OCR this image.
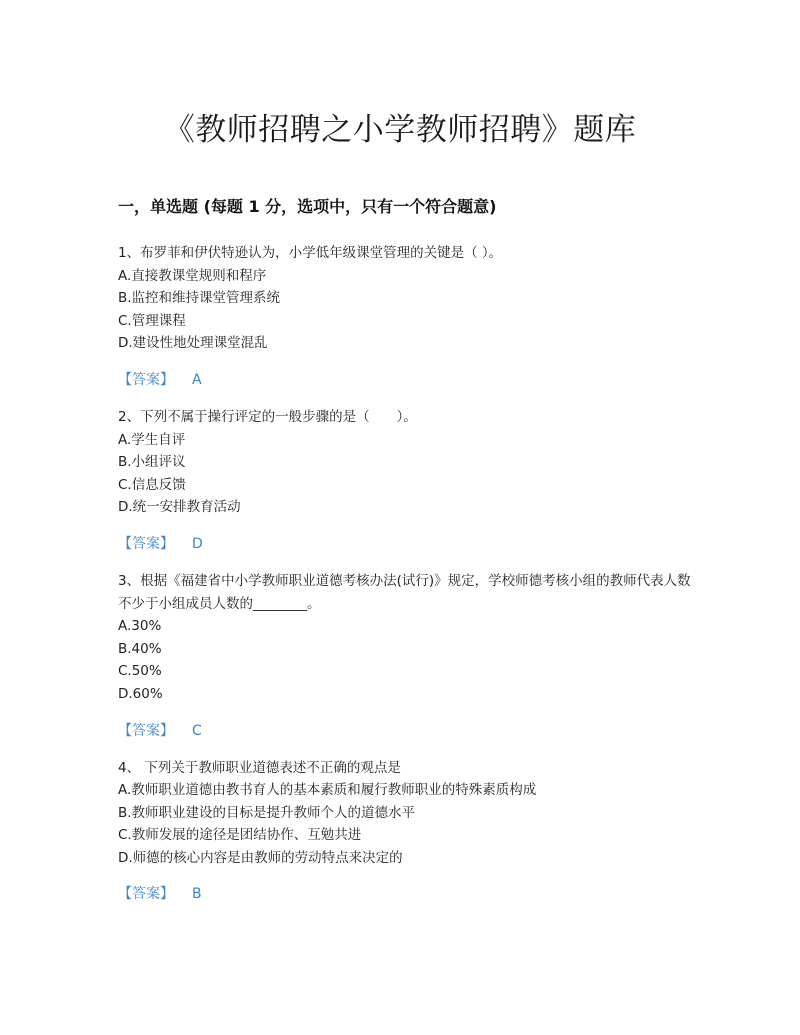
《教师招聘之小学教师招聘》题库
一，单选题 (每题 1 分，选项中，只有一个符合题意)
1、布罗菲和伊伏特逊认为，小学低年级课堂管理的关键是（ ）。
A.直接教课堂规则和程序
B.监控和维持课堂管理系统
C.管理课程
D.建设性地处理课堂混乱
【答案】 A
2、下列不属于操行评定的一般步骤的是（　　）。
A.学生自评
B.小组评议
C.信息反馈
D.统一安排教育活动
【答案】 D
3、根据《福建省中小学教师职业道德考核办法(试行)》规定，学校师德考核小组的教师代表人数不少于小组成员人数的________。
A.30%
B.40%
C.50%
D.60%
【答案】 C
4、 下列关于教师职业道德表述不正确的观点是
A.教师职业道德由教书育人的基本素质和履行教师职业的特殊素质构成
B.教师职业建设的目标是提升教师个人的道德水平
C.教师发展的途径是团结协作、互勉共进
D.师德的核心内容是由教师的劳动特点来决定的
【答案】 B
